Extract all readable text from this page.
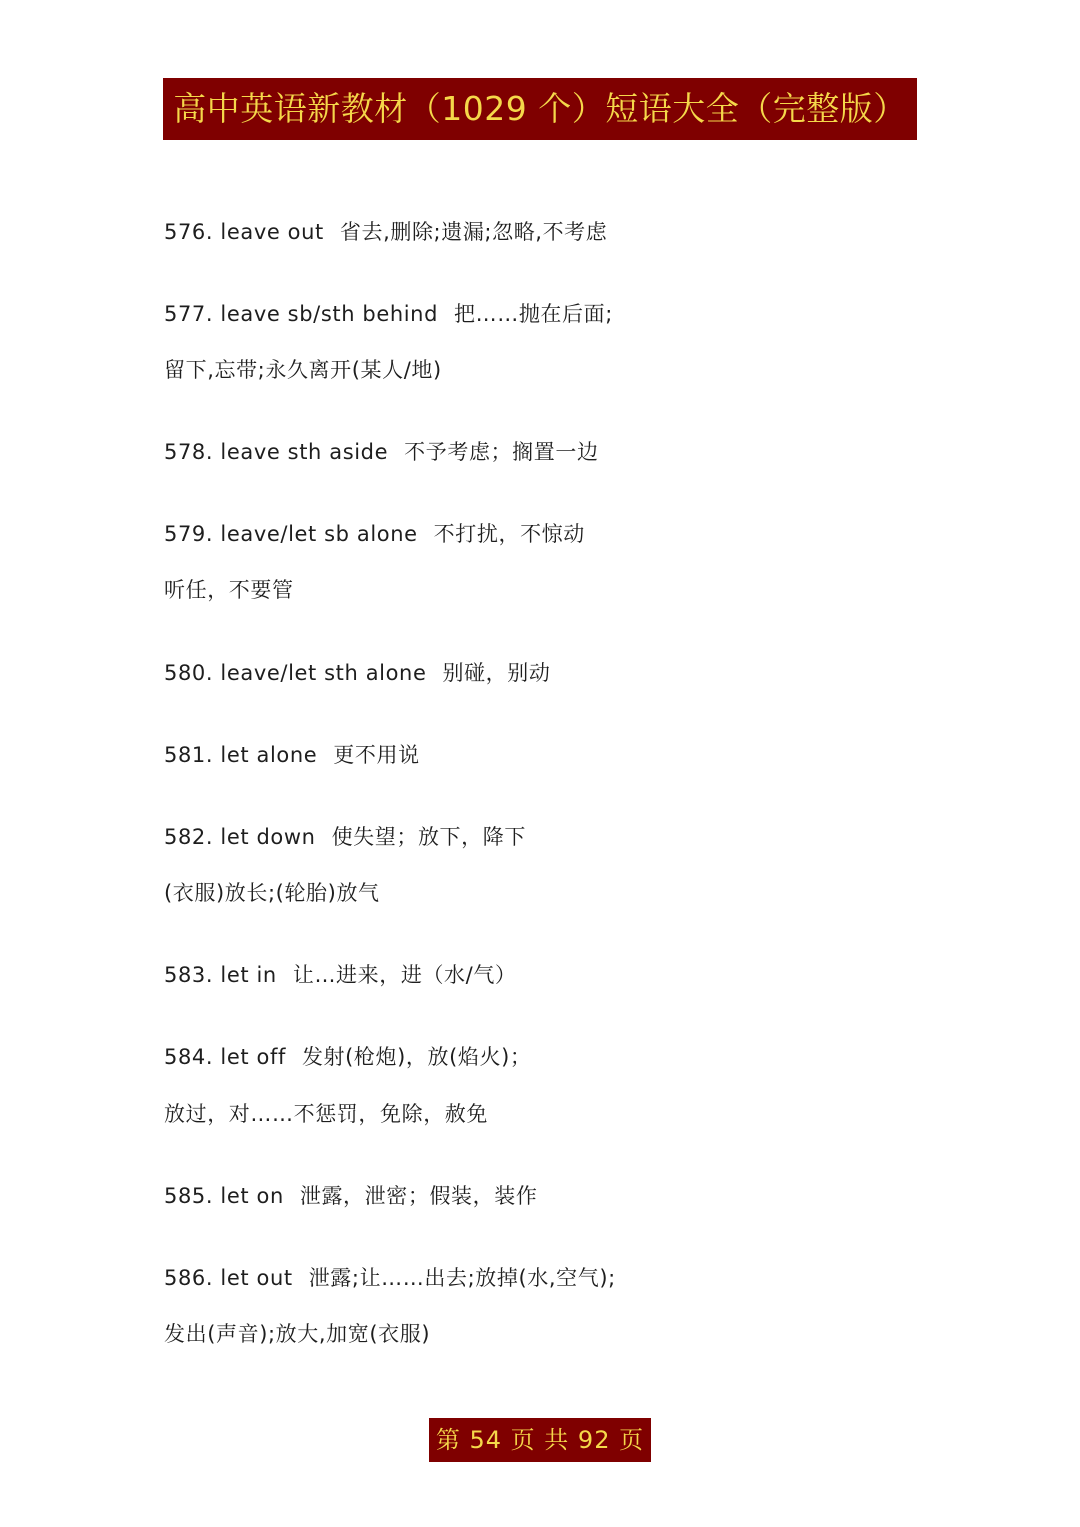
高中英语新教材（1029 个）短语大全（完整版）
576. leave out 省去,删除;遗漏;忽略,不考虑
577. leave sb/sth behind 把……抛在后面;
留下,忘带;永久离开(某人/地)
578. leave sth aside 不予考虑；搁置一边
579. leave/let sb alone 不打扰，不惊动
听任，不要管
580. leave/let sth alone 别碰，别动
581. let alone 更不用说
582. let down 使失望；放下，降下
(衣服)放长;(轮胎)放气
583. let in 让…进来，进（水/气）
584. let off 发射(枪炮)，放(焰火)；
放过，对……不惩罚，免除，赦免
585. let on 泄露，泄密；假装，装作
586. let out 泄露;让……出去;放掉(水,空气);
发出(声音);放大,加宽(衣服)
第 54 页 共 92 页
